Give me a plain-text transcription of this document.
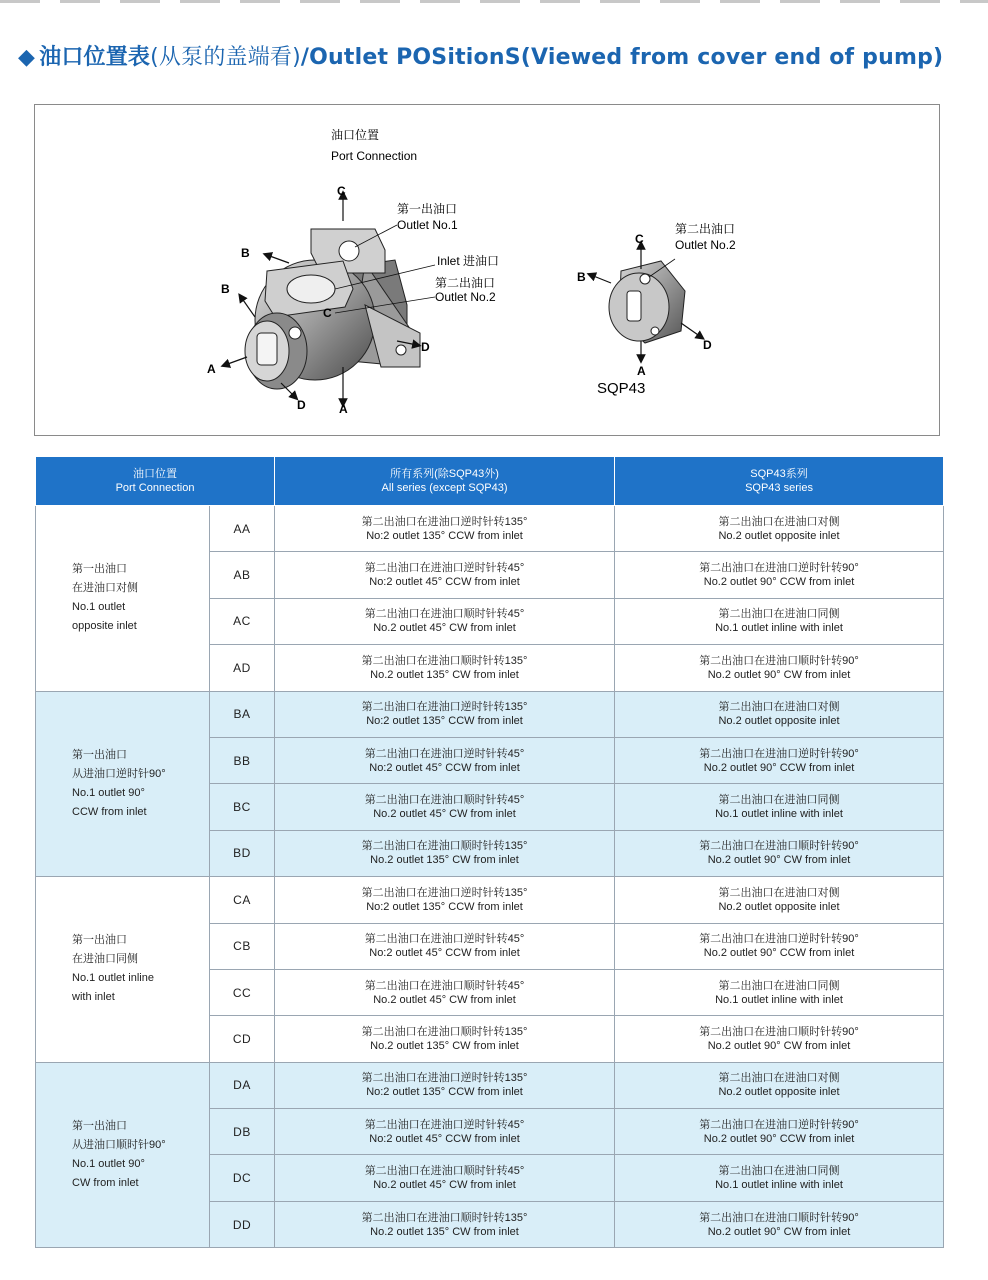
◆ 油口位置表(从泵的盖端看)/Outlet POSitionS(Viewed from cover end of pump)
油口位置
Port Connection
C
A
B
B
A
D
D
C
第一出油口
Outlet No.1
Inlet 进油口
第二出油口
Outlet No.2
C
B
A
D
第二出油口
Outlet No.2
SQP43
油口位置
Port Connection		所有系列(除SQP43外)
All series (except SQP43)	SQP43系列
SQP43 series

第一出油口
在进油口对侧
No.1 outlet
opposite inlet	AA	第二出油口在进油口逆时针转135°
No:2 outlet 135° CCW from inlet	第二出油口在进油口对侧
No.2 outlet opposite inlet

	AB	第二出油口在进油口逆时针转45°
No:2 outlet 45° CCW from inlet	第二出油口在进油口逆时针转90°
No.2 outlet 90° CCW from inlet

	AC	第二出油口在进油口顺时针转45°
No.2 outlet 45° CW from inlet	第二出油口在进油口同侧
No.1 outlet inline with inlet

	AD	第二出油口在进油口顺时针转135°
No.2 outlet 135° CW from inlet	第二出油口在进油口顺时针转90°
No.2 outlet 90° CW from inlet

第一出油口
从进油口逆时针90°
No.1 outlet 90°
CCW from inlet	BA	第二出油口在进油口逆时针转135°
No:2 outlet 135° CCW from inlet	第二出油口在进油口对侧
No.2 outlet opposite inlet

	BB	第二出油口在进油口逆时针转45°
No:2 outlet 45° CCW from inlet	第二出油口在进油口逆时针转90°
No.2 outlet 90° CCW from inlet

	BC	第二出油口在进油口顺时针转45°
No.2 outlet 45° CW from inlet	第二出油口在进油口同侧
No.1 outlet inline with inlet

	BD	第二出油口在进油口顺时针转135°
No.2 outlet 135° CW from inlet	第二出油口在进油口顺时针转90°
No.2 outlet 90° CW from inlet

第一出油口
在进油口同侧
No.1 outlet inline
with inlet	CA	第二出油口在进油口逆时针转135°
No:2 outlet 135° CCW from inlet	第二出油口在进油口对侧
No.2 outlet opposite inlet

	CB	第二出油口在进油口逆时针转45°
No:2 outlet 45° CCW from inlet	第二出油口在进油口逆时针转90°
No.2 outlet 90° CCW from inlet

	CC	第二出油口在进油口顺时针转45°
No.2 outlet 45° CW from inlet	第二出油口在进油口同侧
No.1 outlet inline with inlet

	CD	第二出油口在进油口顺时针转135°
No.2 outlet 135° CW from inlet	第二出油口在进油口顺时针转90°
No.2 outlet 90° CW from inlet

第一出油口
从进油口顺时针90°
No.1 outlet 90°
CW from inlet	DA	第二出油口在进油口逆时针转135°
No:2 outlet 135° CCW from inlet	第二出油口在进油口对侧
No.2 outlet opposite inlet

	DB	第二出油口在进油口逆时针转45°
No:2 outlet 45° CCW from inlet	第二出油口在进油口逆时针转90°
No.2 outlet 90° CCW from inlet

	DC	第二出油口在进油口顺时针转45°
No.2 outlet 45° CW from inlet	第二出油口在进油口同侧
No.1 outlet inline with inlet

	DD	第二出油口在进油口顺时针转135°
No.2 outlet 135° CW from inlet	第二出油口在进油口顺时针转90°
No.2 outlet 90° CW from inlet
